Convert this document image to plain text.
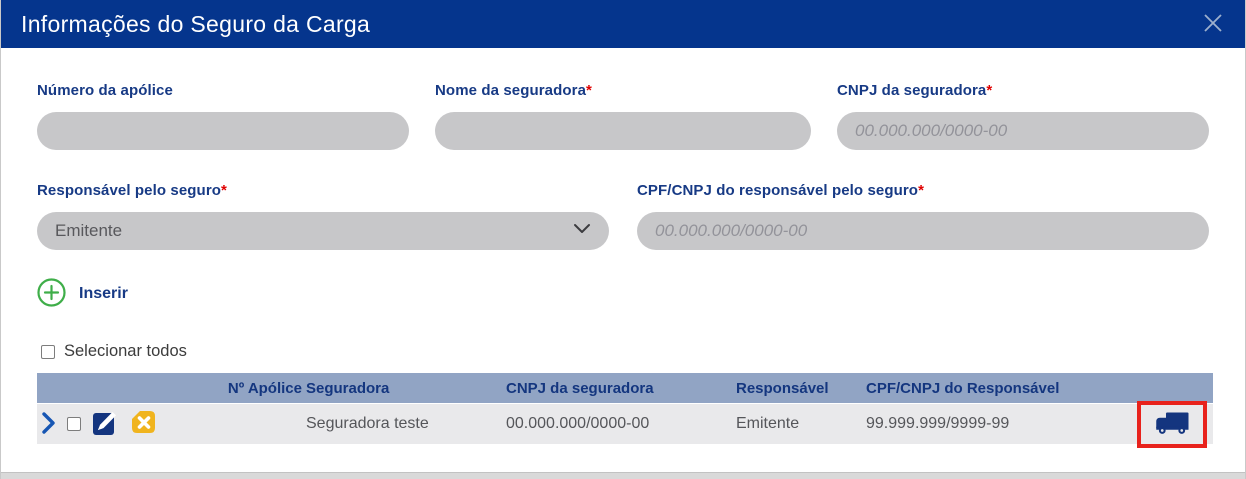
Informações do Seguro da Carga
Número da apólice	Nome da seguradora*	CNPJ da seguradora*
00.000.000/0000-00
Responsável pelo seguro*
Emitente
CPF/CNPJ do responsável pelo seguro*
00.000.000/0000-00
Inserir
Selecionar todos
Nº Apólice Seguradora	CNPJ da seguradora	Responsável	CPF/CNPJ do Responsável
Seguradora teste	00.000.000/0000-00	Emitente	99.999.999/9999-99
